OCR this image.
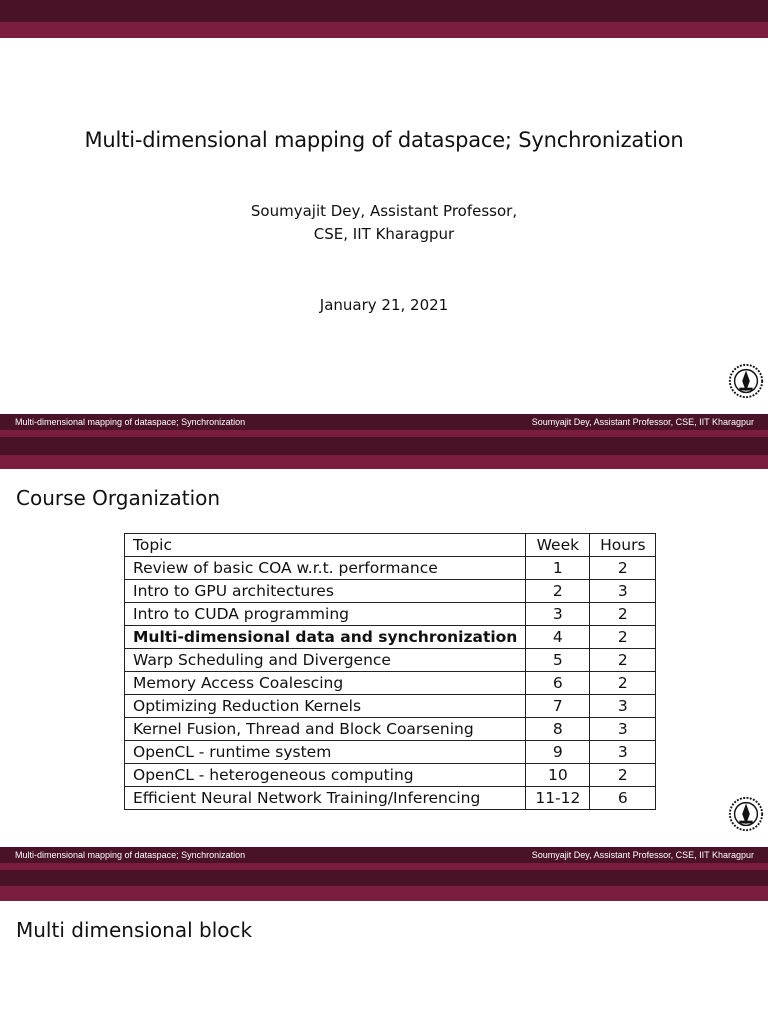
Multi-dimensional mapping of dataspace; Synchronization
Soumyajit Dey, Assistant Professor,
CSE, IIT Kharagpur
January 21, 2021
Multi-dimensional mapping of dataspace; Synchronization	Soumyajit Dey, Assistant Professor, CSE, IIT Kharagpur
Course Organization
Topic	Week	Hours
Review of basic COA w.r.t. performance	1	2
Intro to GPU architectures	2	3
Intro to CUDA programming	3	2
Multi-dimensional data and synchronization	4	2
Warp Scheduling and Divergence	5	2
Memory Access Coalescing	6	2
Optimizing Reduction Kernels	7	3
Kernel Fusion, Thread and Block Coarsening	8	3
OpenCL - runtime system	9	3
OpenCL - heterogeneous computing	10	2
Efficient Neural Network Training/Inferencing	11-12	6
Multi-dimensional mapping of dataspace; Synchronization	Soumyajit Dey, Assistant Professor, CSE, IIT Kharagpur
Multi dimensional block
